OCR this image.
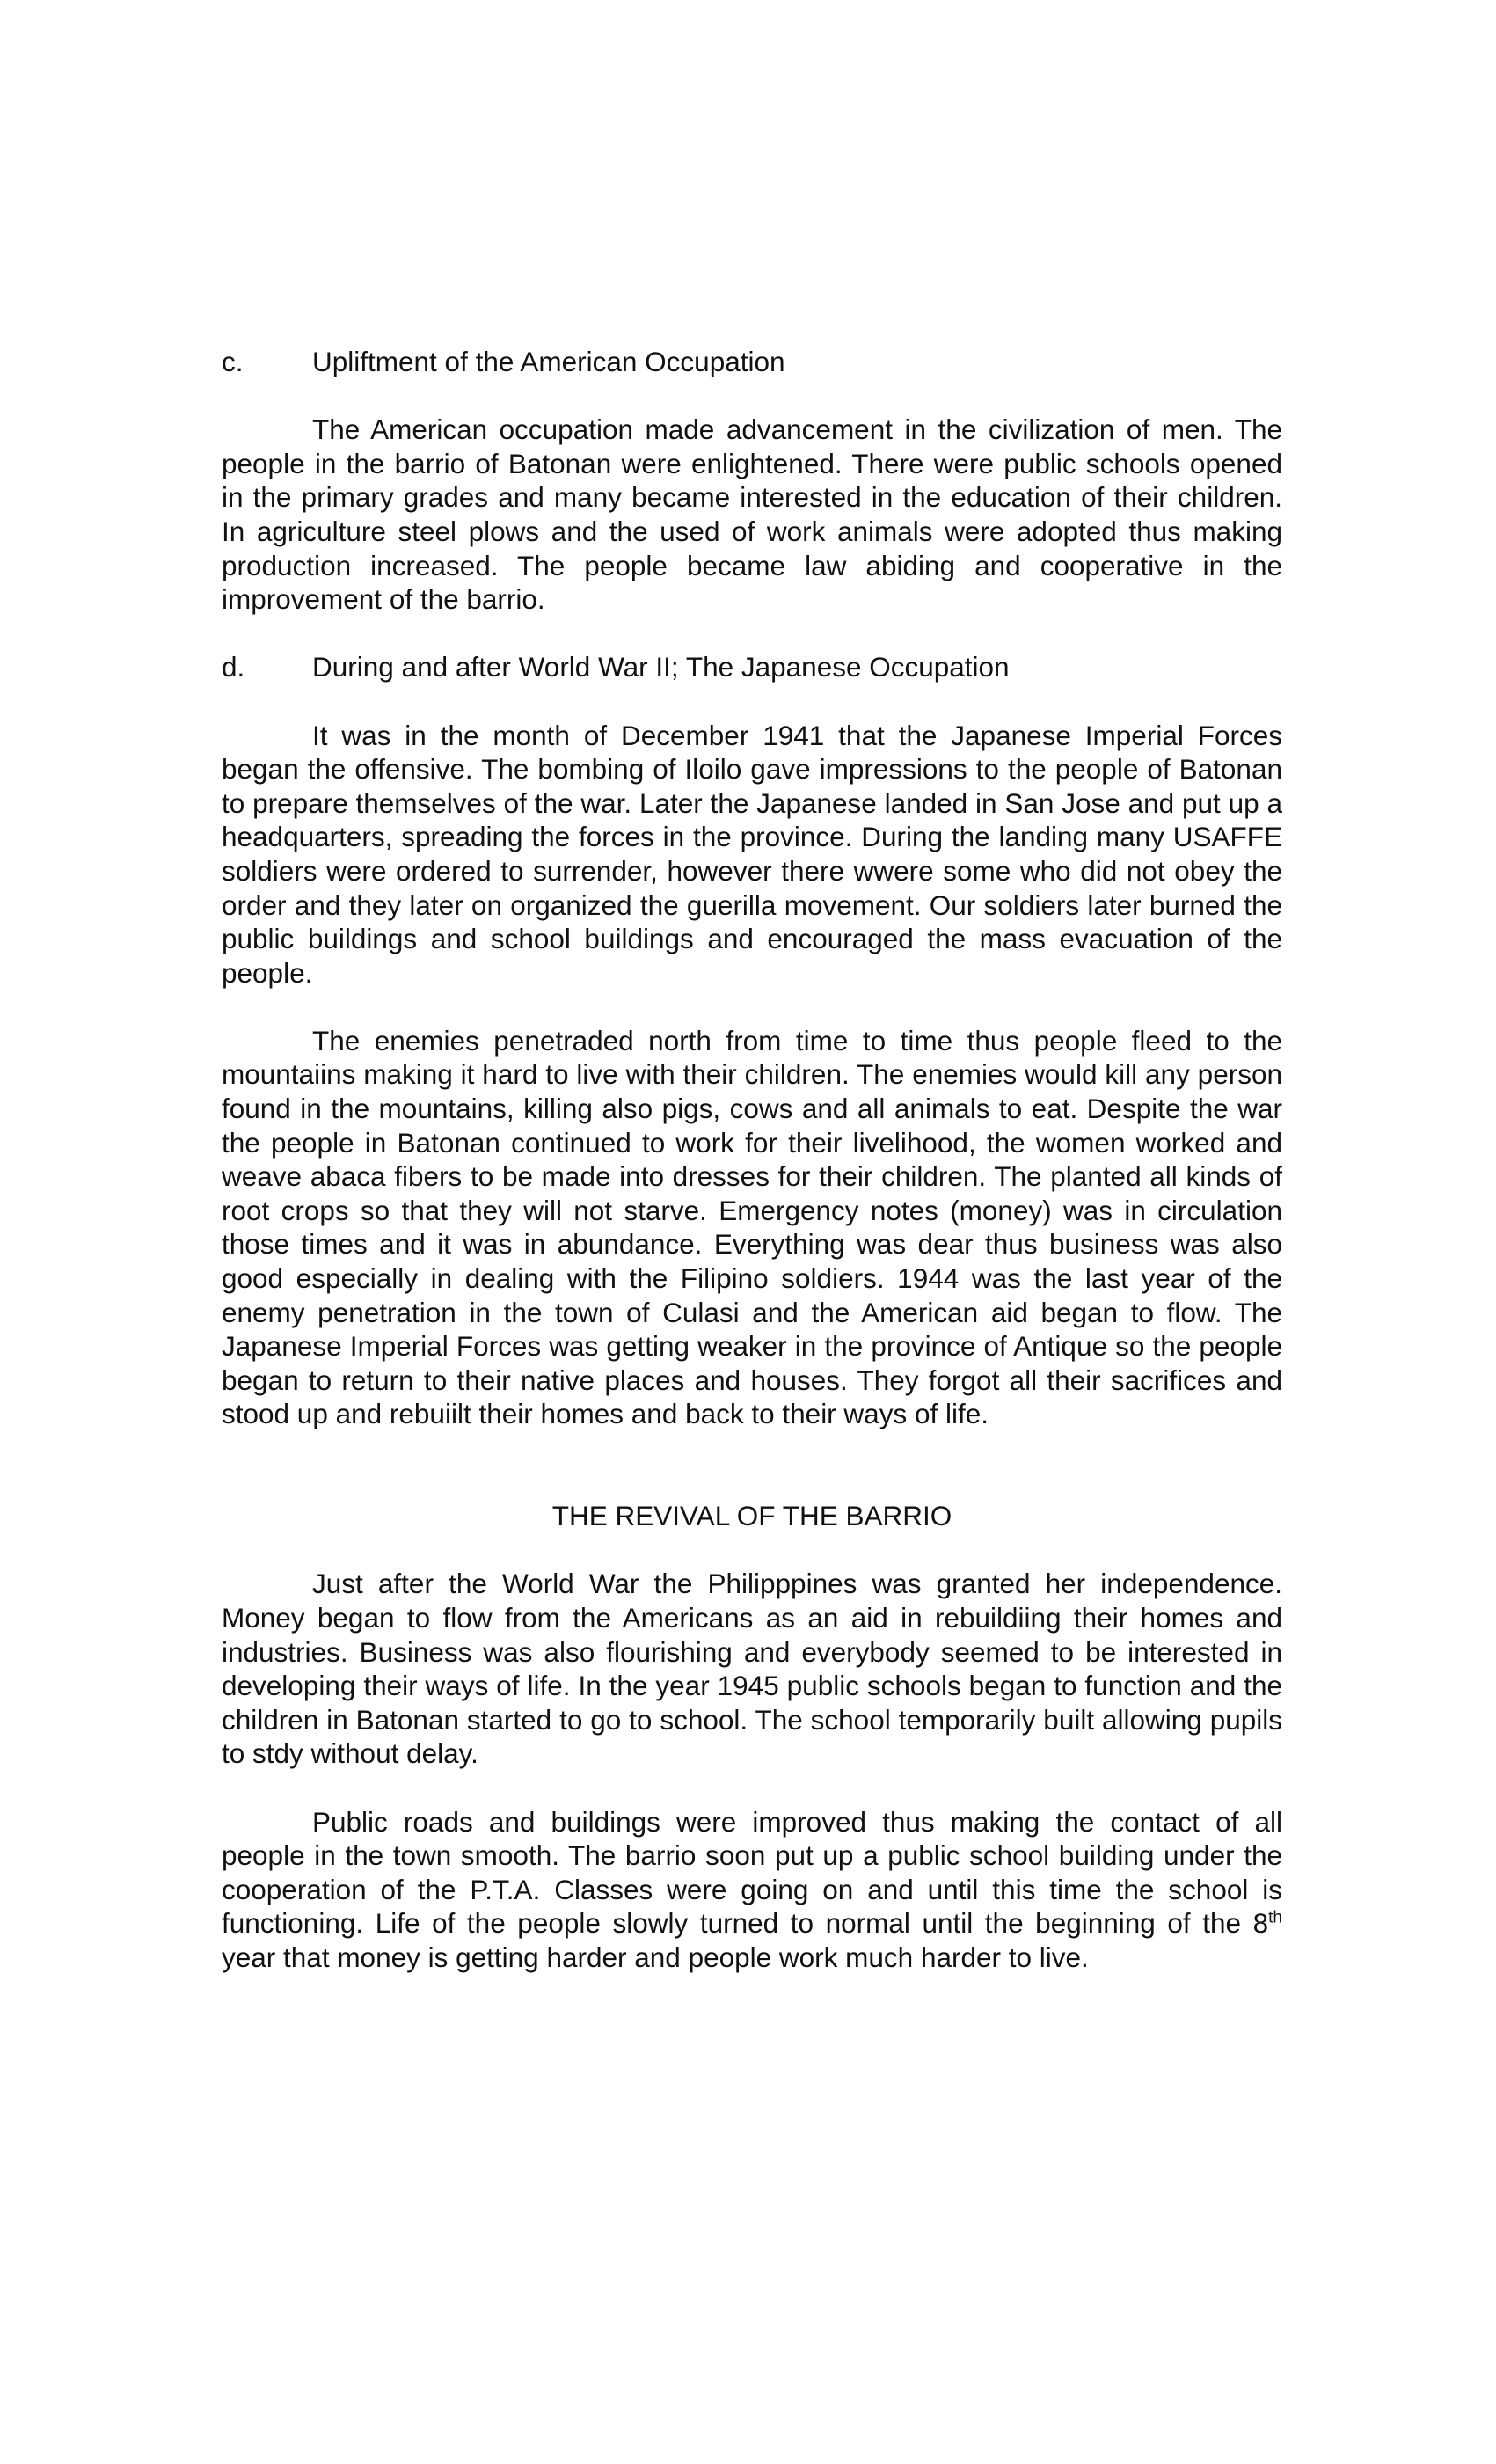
c.	Upliftment of the American Occupation

The American occupation made advancement in the civilization of men. The people in the barrio of Batonan were enlightened. There were public schools opened in the primary grades and many became interested in the education of their children. In agriculture steel plows and the used of work animals were adopted thus making production increased. The people became law abiding and cooperative in the improvement of the barrio.

d.	During and after World War II; The Japanese Occupation

It was in the month of December 1941 that the Japanese Imperial Forces began the offensive. The bombing of Iloilo gave impressions to the people of Batonan to prepare themselves of the war. Later the Japanese landed in San Jose and put up a headquarters, spreading the forces in the province. During the landing many USAFFE soldiers were ordered to surrender, however there wwere some who did not obey the order and they later on organized the guerilla movement. Our soldiers later burned the public buildings and school buildings and encouraged the mass evacuation of the people.

The enemies penetraded north from time to time thus people fleed to the mountaiins making it hard to live with their children. The enemies would kill any person found in the mountains, killing also pigs, cows and all animals to eat. Despite the war the people in Batonan continued to work for their livelihood, the women worked and weave abaca fibers to be made into dresses for their children. The planted all kinds of root crops so that they will not starve. Emergency notes (money) was in circulation those times and it was in abundance. Everything was dear thus business was also good especially in dealing with the Filipino soldiers. 1944 was the last year of the enemy penetration in the town of Culasi and the American aid began to flow. The Japanese Imperial Forces was getting weaker in the province of Antique so the people began to return to their native places and houses. They forgot all their sacrifices and stood up and rebuiilt their homes and back to their ways of life.

THE REVIVAL OF THE BARRIO

Just after the World War the Philipppines was granted her independence. Money began to flow from the Americans as an aid in rebuildiing their homes and industries. Business was also flourishing and everybody seemed to be interested in developing their ways of life. In the year 1945 public schools began to function and the children in Batonan started to go to school. The school temporarily built allowing pupils to stdy without delay.

Public roads and buildings were improved thus making the contact of all people in the town smooth. The barrio soon put up a public school building under the cooperation of the P.T.A. Classes were going on and until this time the school is functioning. Life of the people slowly turned to normal until the beginning of the 8th year that money is getting harder and people work much harder to live.
